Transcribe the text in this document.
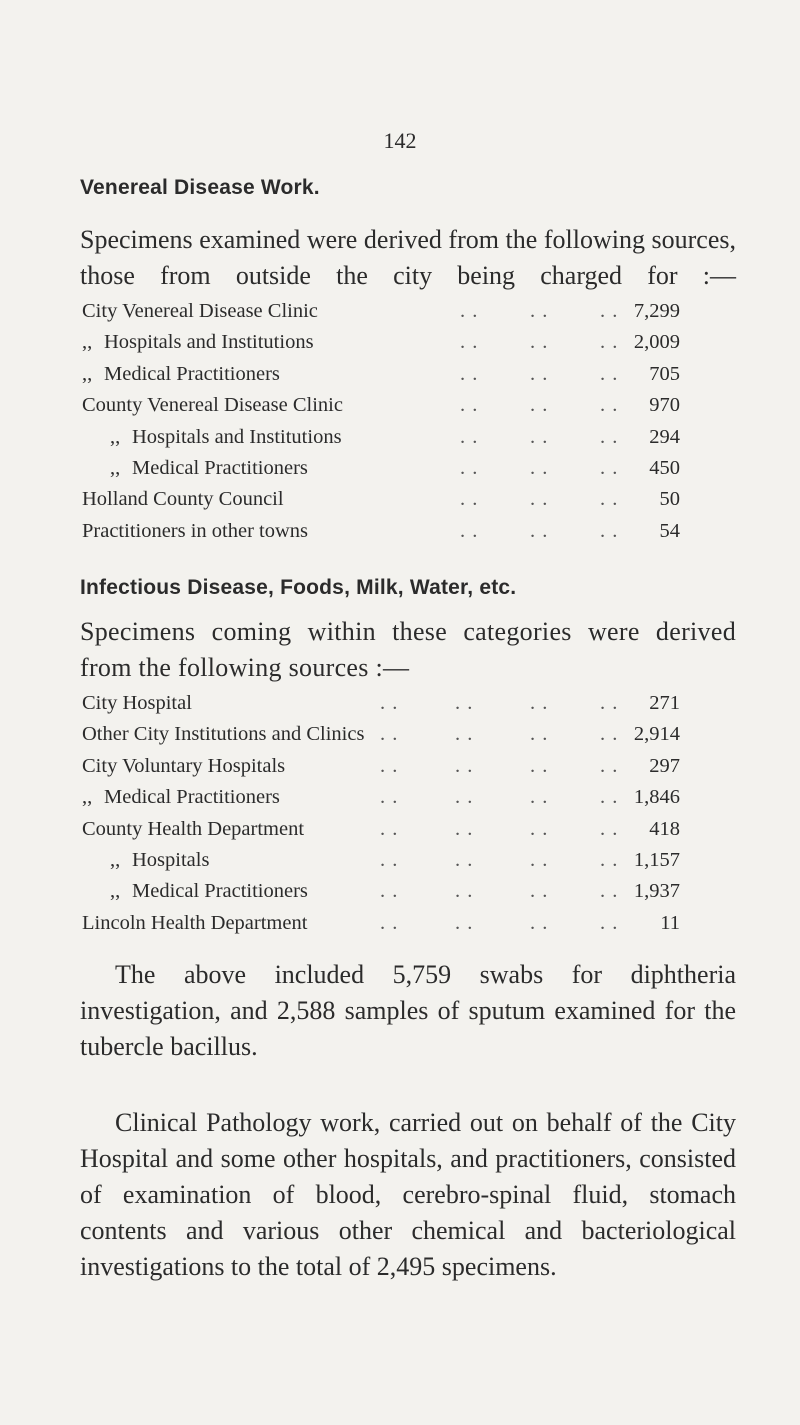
142
Venereal Disease Work.

Specimens examined were derived from the following sources, those from outside the city being charged for :—

City Venereal Disease Clinic	7,299
. .	. .	. .
,, Hospitals and Institutions	2,009
. .	. .	. .
,, Medical Practitioners	705
. .	. .	. .
County Venereal Disease Clinic	970
. .	. .	. .
,, Hospitals and Institutions	294
. .	. .	. .
,, Medical Practitioners	450
. .	. .	. .
Holland County Council	50
. .	. .	. .
Practitioners in other towns	54
. .	. .	. .
Infectious Disease, Foods, Milk, Water, etc.

Specimens coming within these categories were derived from the following sources :—

City Hospital	271
. .	. .	. .	. .
Other City Institutions and Clinics	2,914
. .	. .	. .	. .
City Voluntary Hospitals	297
. .	. .	. .	. .
,, Medical Practitioners	1,846
. .	. .	. .	. .
County Health Department	418
. .	. .	. .	. .
,, Hospitals	1,157
. .	. .	. .	. .
,, Medical Practitioners	1,937
. .	. .	. .	. .
Lincoln Health Department	11
. .	. .	. .	. .

The above included 5,759 swabs for diphtheria investigation, and 2,588 samples of sputum examined for the tubercle bacillus.

Clinical Pathology work, carried out on behalf of the City Hospital and some other hospitals, and practitioners, consisted of examination of blood, cerebro-spinal fluid, stomach contents and various other chemical and bacteriological investigations to the total of 2,495 specimens.
